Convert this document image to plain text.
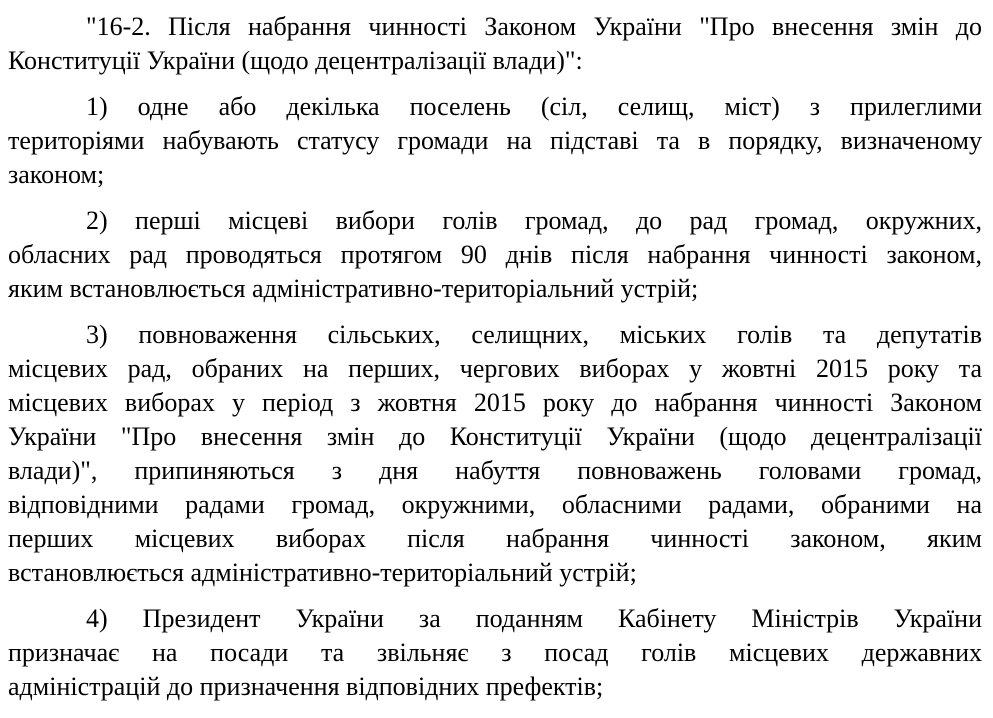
"16-2. Після набрання чинності Законом України "Про внесення змін до
Конституції України (щодо децентралізації влади)":
1) одне або декілька поселень (сіл, селищ, міст) з прилеглими
територіями набувають статусу громади на підставі та в порядку, визначеному
законом;
2) перші місцеві вибори голів громад, до рад громад, окружних,
обласних рад проводяться протягом 90 днів після набрання чинності законом,
яким встановлюється адміністративно-територіальний устрій;
3) повноваження сільських, селищних, міських голів та депутатів
місцевих рад, обраних на перших, чергових виборах у жовтні 2015 року та
місцевих виборах у період з жовтня 2015 року до набрання чинності Законом
України "Про внесення змін до Конституції України (щодо децентралізації
влади)", припиняються з дня набуття повноважень головами громад,
відповідними радами громад, окружними, обласними радами, обраними на
перших місцевих виборах після набрання чинності законом, яким
встановлюється адміністративно-територіальний устрій;
4) Президент України за поданням Кабінету Міністрів України
призначає на посади та звільняє з посад голів місцевих державних
адміністрацій до призначення відповідних префектів;
